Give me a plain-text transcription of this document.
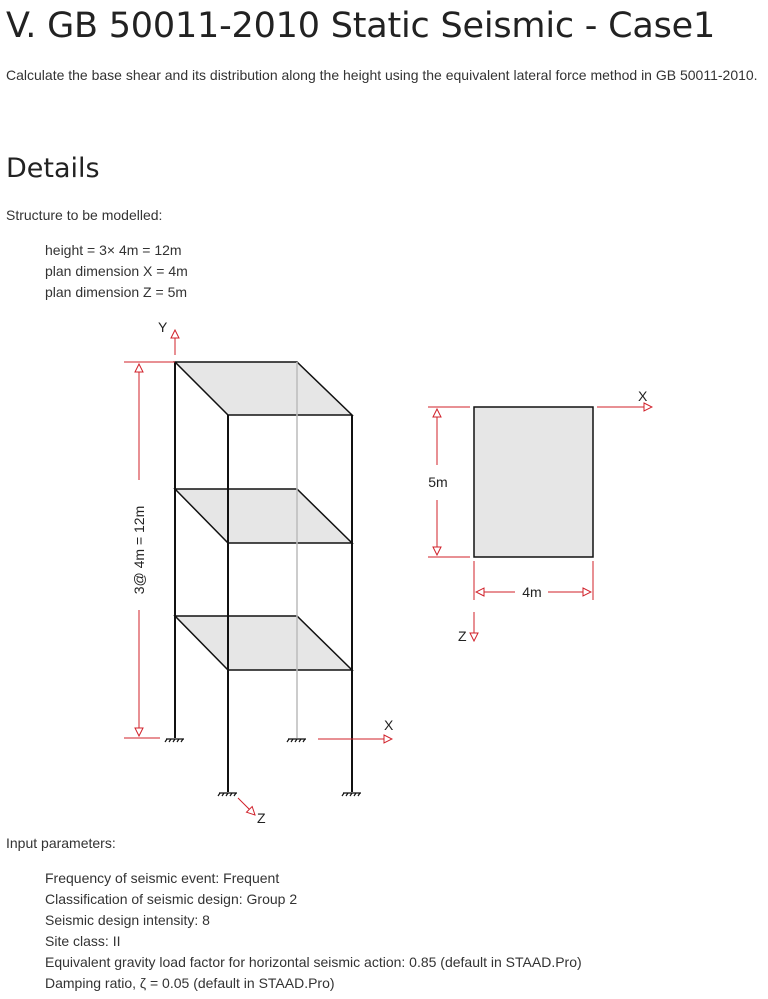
V. GB 50011-2010 Static Seismic - Case1

Calculate the base shear and its distribution along the height using the equivalent lateral force method in GB 50011-2010.

Details

Structure to be modelled:

height = 3× 4m = 12m
plan dimension X = 4m
plan dimension Z = 5m
Y
X
Z
3@ 4m = 12m
5m
4m
X
Z

Input parameters:

Frequency of seismic event: Frequent
Classification of seismic design: Group 2
Seismic design intensity: 8
Site class: II
Equivalent gravity load factor for horizontal seismic action: 0.85 (default in STAAD.Pro)
Damping ratio, ζ = 0.05 (default in STAAD.Pro)
